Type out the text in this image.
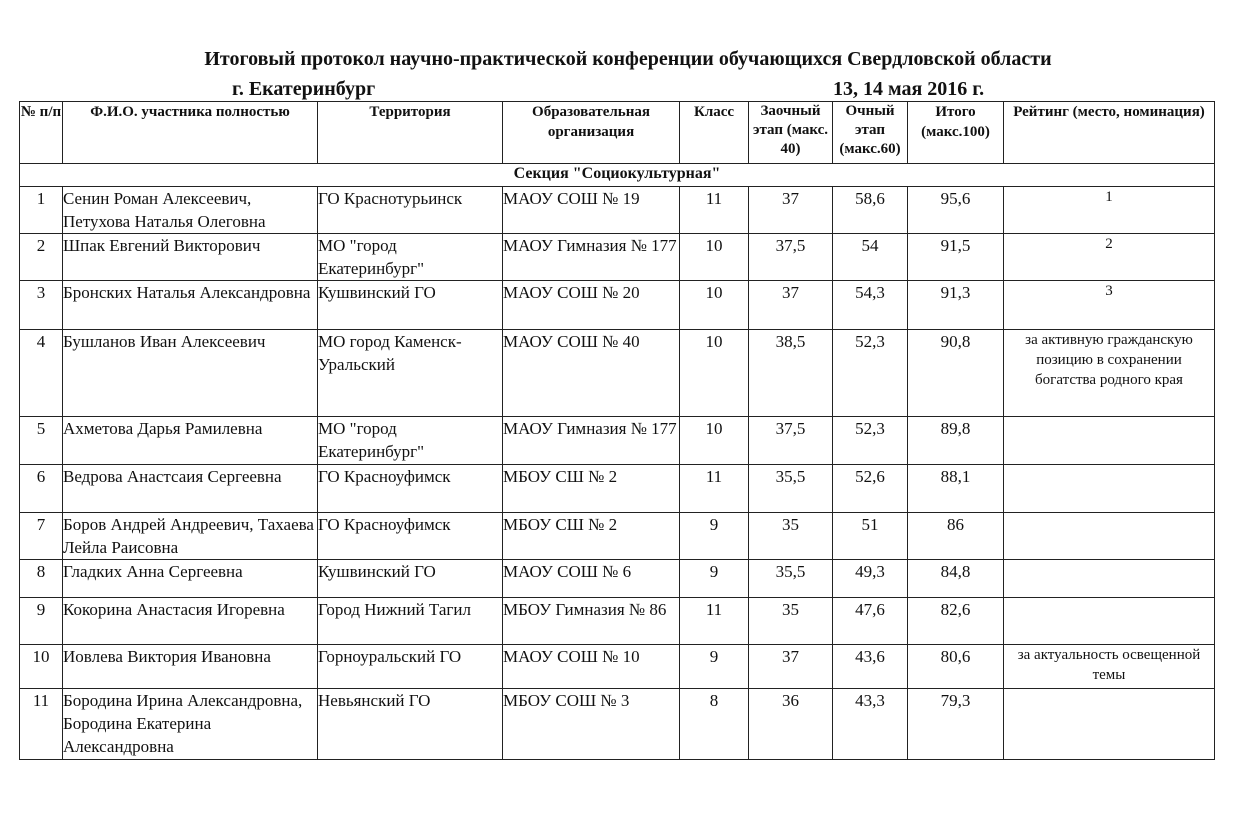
Итоговый протокол научно-практической конференции обучающихся Свердловской области
г. Екатеринбург	13, 14 мая 2016 г.
№ п/п	Ф.И.О. участника полностью	Территория	Образовательная организация	Класс	Заочный этап (макс. 40)	Очный этап (макс.60)	Итого (макс.100)	Рейтинг (место, номинация)
Секция "Социокультурная"								
1	Сенин Роман Алексеевич, Петухова Наталья Олеговна	ГО Краснотурьинск	МАОУ СОШ № 19	11	37	58,6	95,6	1
2	Шпак Евгений Викторович	МО "город Екатеринбург"	МАОУ Гимназия № 177	10	37,5	54	91,5	2
3	Бронских Наталья Александровна	Кушвинский ГО	МАОУ СОШ № 20	10	37	54,3	91,3	3
4	Бушланов Иван Алексеевич	МО город Каменск-Уральский	МАОУ СОШ № 40	10	38,5	52,3	90,8	за активную гражданскую позицию в сохранении богатства родного края
5	Ахметова Дарья Рамилевна	МО "город Екатеринбург"	МАОУ Гимназия № 177	10	37,5	52,3	89,8	
6	Ведрова Анастсаия Сергеевна	ГО Красноуфимск	МБОУ СШ № 2	11	35,5	52,6	88,1	
7	Боров Андрей Андреевич, Тахаева Лейла Раисовна	ГО Красноуфимск	МБОУ СШ № 2	9	35	51	86	
8	Гладких Анна Сергеевна	Кушвинский ГО	МАОУ СОШ № 6	9	35,5	49,3	84,8	
9	Кокорина Анастасия Игоревна	Город Нижний Тагил	МБОУ Гимназия № 86	11	35	47,6	82,6	
10	Иовлева Виктория Ивановна	Горноуральский ГО	МАОУ СОШ № 10	9	37	43,6	80,6	за актуальность освещенной темы
11	Бородина Ирина Александровна, Бородина Екатерина Александровна	Невьянский ГО	МБОУ СОШ № 3	8	36	43,3	79,3	
